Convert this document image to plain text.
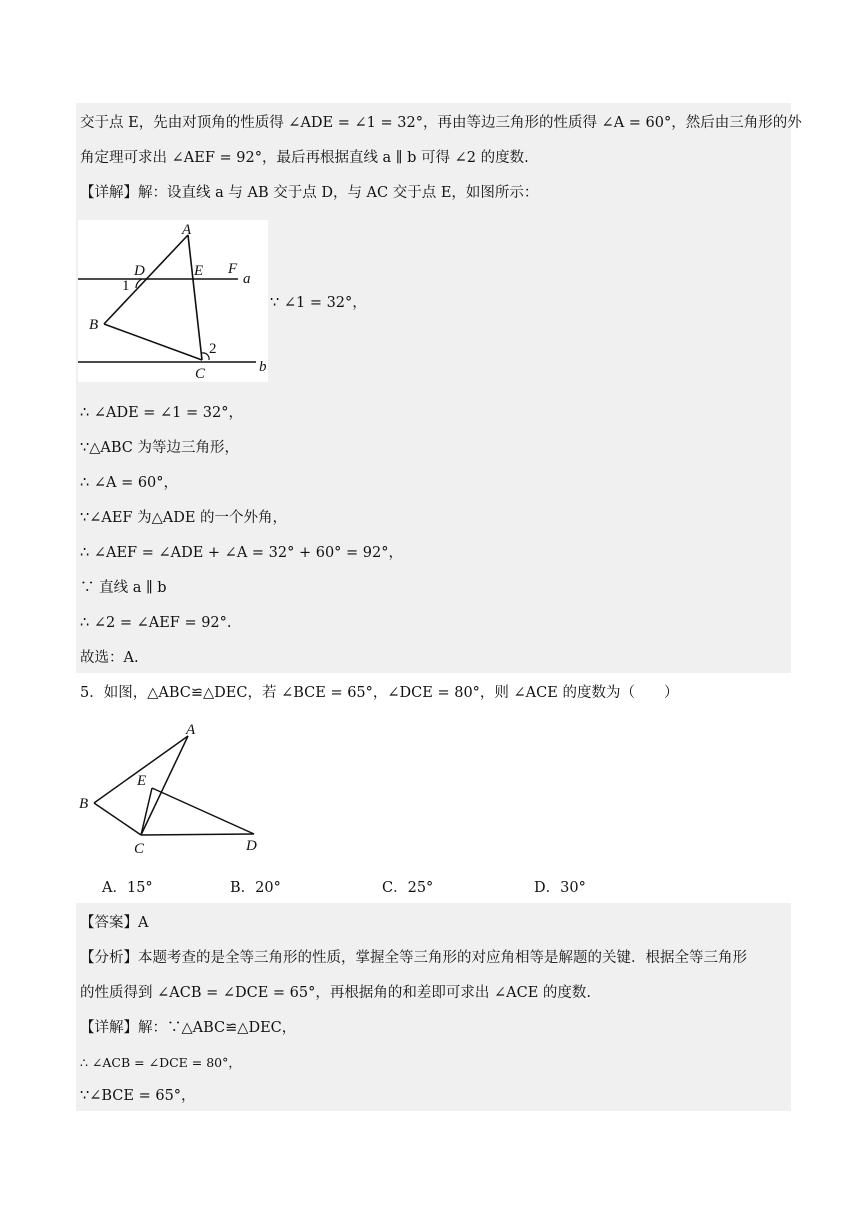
交于点 E，先由对顶角的性质得 ∠ADE = ∠1 = 32°，再由等边三角形的性质得 ∠A = 60°，然后由三角形的外
角定理可求出 ∠AEF = 92°，最后再根据直线 a ∥ b 可得 ∠2 的度数.
【详解】解：设直线 a 与 AB 交于点 D，与 AC 交于点 E，如图所示：
A
D	E F
a
1
B
2
C	b
∵ ∠1 = 32°，
∴ ∠ADE = ∠1 = 32°，
∵△ABC 为等边三角形，
∴ ∠A = 60°，
∵∠AEF 为△ADE 的一个外角，
∴ ∠AEF = ∠ADE + ∠A = 32° + 60° = 92°，
∵ 直线 a ∥ b
∴ ∠2 = ∠AEF = 92°.
故选：A.
5．如图，△ABC≌△DEC，若 ∠BCE = 65°，∠DCE = 80°，则 ∠ACE 的度数为（　　）
A
E
B
C	D
A．15°	B．20°	C．25°	D．30°
【答案】A
【分析】本题考查的是全等三角形的性质，掌握全等三角形的对应角相等是解题的关键．根据全等三角形
的性质得到 ∠ACB = ∠DCE = 65°，再根据角的和差即可求出 ∠ACE 的度数.
【详解】解：∵△ABC≌△DEC，
∴ ∠ACB = ∠DCE = 80°，
∵∠BCE = 65°，
